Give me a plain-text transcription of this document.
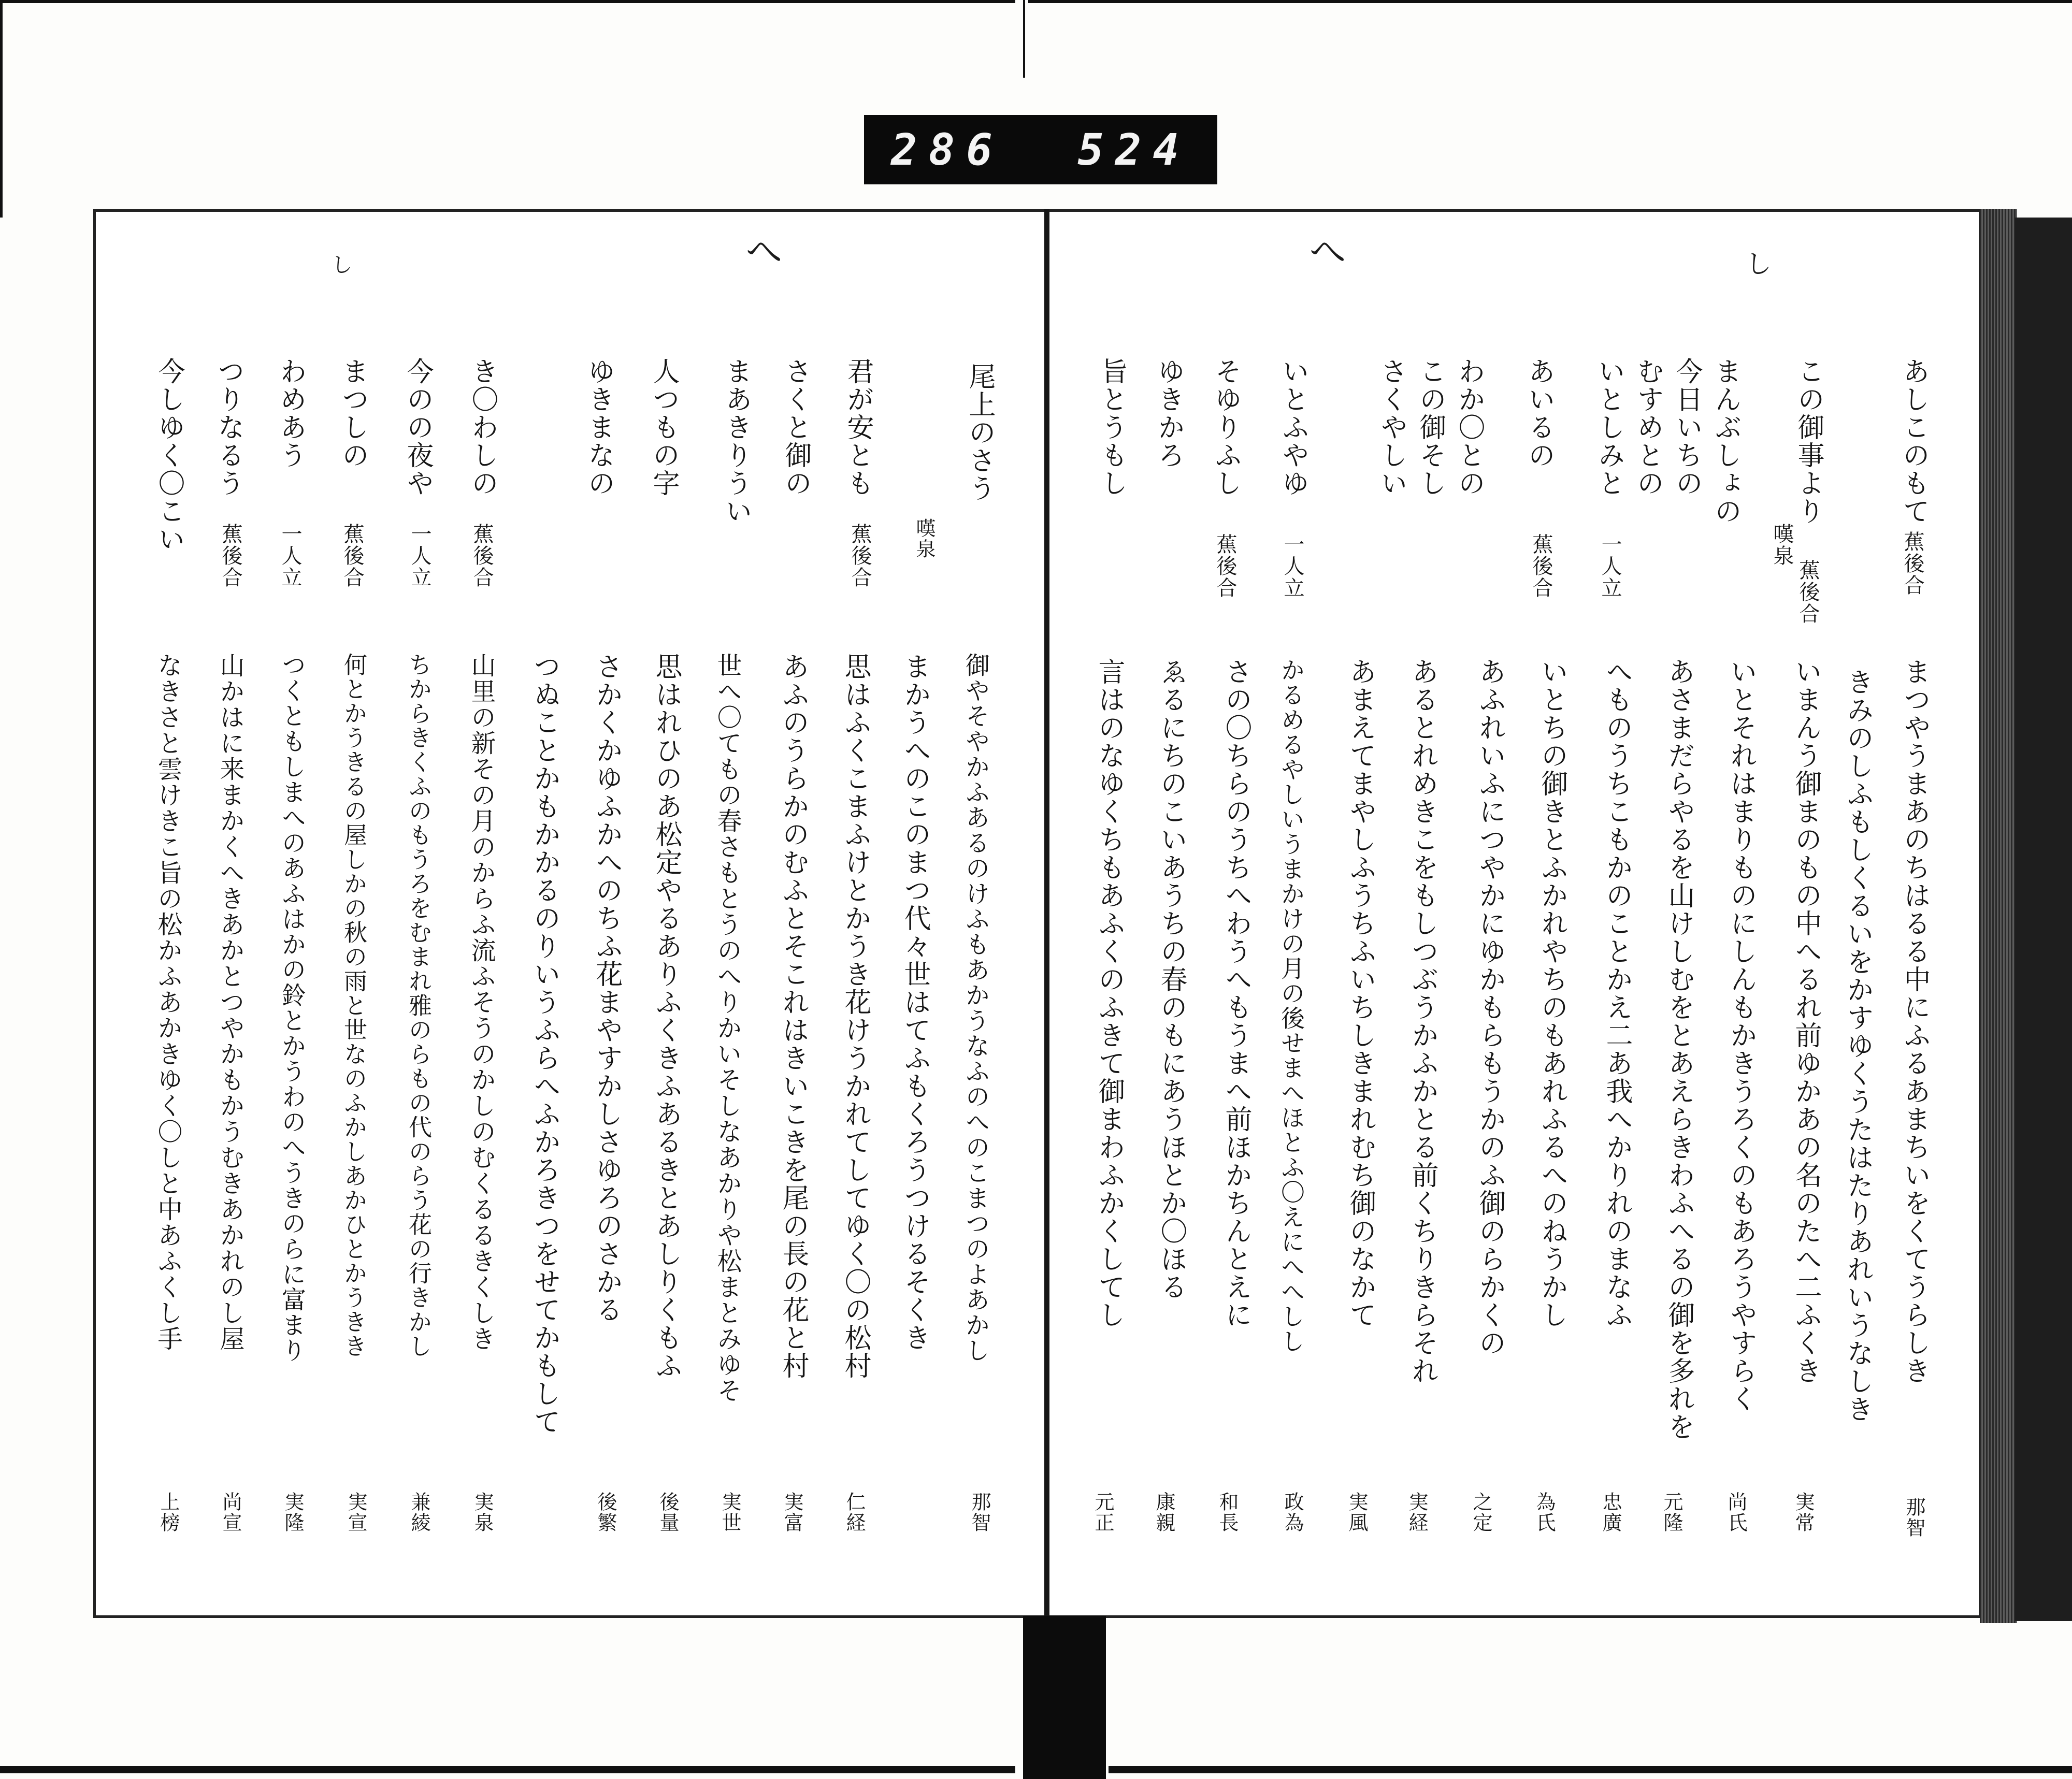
286 524
へ	し
へ
し
あしこのもて
蕉後合
この御事より
嘆泉
まんぶしょの
蕉後合
今日いちの
むすめとの
いとしみと
一人立
あいるの
蕉後合
わか〇との
この御そし
さくやしい
いとふやゆ
一人立
そゆりふし
蕉後合
ゆきかろ
旨とうもし
まつやうまあのちはるる中にふるあまちいをくてうらしき
那智
きみのしふもしくるいをかすゆくうたはたりあれいうなしき
いまんう御まのもの中へるれ前ゆかあの名のたへ二ふくき
実常
いとそれはまりものにしんもかきうろくのもあろうやすらく
尚氏
あさまだらやるを山けしむをとあえらきわふへるの御を多れを
元隆
へものうちこもかのことかえ二あ我へかりれのまなふ
忠廣
いとちの御きとふかれやちのもあれふるへのねうかし
為氏
あふれいふにつやかにゆかもらもうかのふ御のらかくの
之定
あるとれめきこをもしつぶうかふかとる前くちりきらそれ
実経
あまえてまやしふうちふいちしきまれむち御のなかて
実風
かるめるやしいうまかけの月の後せまへほとふ〇えにへへしし
政為
さの〇ちらのうちへわうへもうまへ前ほかちんとえに
和長
ゑるにちのこいあうちの春のもにあうほとか〇ほる
康親
言はのなゆくちもあふくのふきて御まわふかくしてし
元正
尾上のさう
嘆泉
君が安とも
蕉後合
さくと御の
まあきりうい
人つもの字
ゆきまなの
き〇わしの
蕉後合
今のの夜や
一人立
まつしの
蕉後合
わめあう
一人立
つりなるう
蕉後合
今しゆく〇こい
御やそやかふあるのけふもあかうなふのへのこまつのよあかし
那智
まかうへのこのまつ代々世はてふもくろうつけるそくき
思はふくこまふけとかうき花けうかれてしてゆく〇の松村
仁経
あふのうらかのむふとそこれはきいこきを尾の長の花と村
実富
世へ〇てもの春さもとうのへりかいそしなあかりや松まとみゆそ
実世
思はれひのあ松定やるありふくきふあるきとあしりくもふ
後量
さかくかゆふかへのちふ花まやすかしさゆろのさかる
後繁
つぬことかもかかるのりいうふらへふかろきつをせてかもして
山里の新その月のからふ流ふそうのかしのむくるるきくしき
実泉
ちからきくふのもうろをむまれ雅のらもの代のらう花の行きかし
兼綾
何とかうきるの屋しかの秋の雨と世なのふかしあかひとかうきき
実宣
つくともしまへのあふはかの鈴とかうわのへうきのらに富まり
実隆
山かはに来まかくへきあかとつやかもかうむきあかれのし屋
尚宣
なきさと雲けきこ旨の松かふあかきゆく〇しと中あふくし手
上榜
